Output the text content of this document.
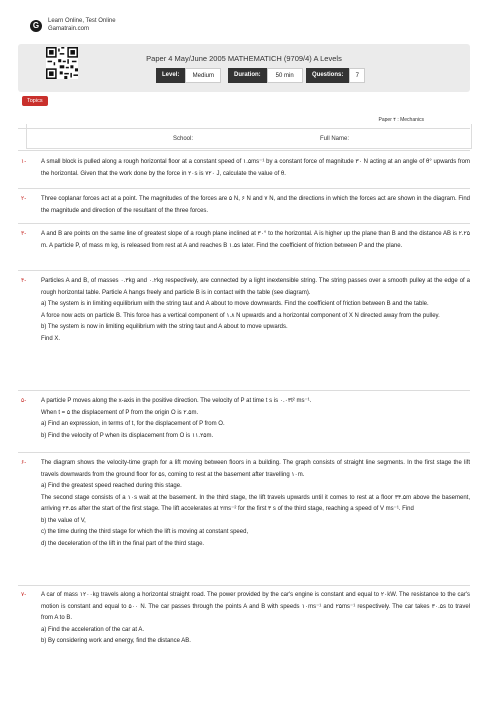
G	Learn Online, Test Online
Gamatrain.com
Paper 4 May/June 2005 MATHEMATICH (9709/4) A Levels
Level:	Medium	Duration:	50 min	Questions:	7
Topics
Paper ۴ : Mechanics
School:	Full Name:
۱- A small block is pulled along a rough horizontal floor at a constant speed of ۱.۵ms⁻¹ by a constant force of magnitude ۳۰ N acting at an angle of θ° upwards from the horizontal. Given that the work done by the force in ۲۰s is ۷۲۰ J, calculate the value of θ.

۲- Three coplanar forces act at a point. The magnitudes of the forces are ۵ N, ۶ N and ۷ N, and the directions in which the forces act are shown in the diagram. Find the magnitude and direction of the resultant of the three forces.

۳- A and B are points on the same line of greatest slope of a rough plane inclined at ۳۰° to the horizontal. A is higher up the plane than B and the distance AB is ۲.۲۵ m. A particle P, of mass m kg, is released from rest at A and reaches B ۱.۵s later. Find the coefficient of friction between P and the plane.

۴- Particles A and B, of masses ۰.۳kg and ۰.۲kg respectively, are connected by a light inextensible string. The string passes over a smooth pulley at the edge of a rough horizontal table. Particle A hangs freely and particle B is in contact with the table (see diagram).

a) The system is in limiting equilibrium with the string taut and A about to move downwards. Find the coefficient of friction between B and the table.

A force now acts on particle B. This force has a vertical component of ۱.۸ N upwards and a horizontal component of X N directed away from the pulley.

b) The system is now in limiting equilibrium with the string taut and A about to move upwards.

Find X.

۵- A particle P moves along the x-axis in the positive direction. The velocity of P at time t s is ۰.۰۳t² ms⁻¹.

When t = ۵ the displacement of P from the origin O is ۲.۵m.

a) Find an expression, in terms of t, for the displacement of P from O.

b) Find the velocity of P when its displacement from O is ۱۱.۲۵m.

۶- The diagram shows the velocity-time graph for a lift moving between floors in a building. The graph consists of straight line segments. In the first stage the lift travels downwards from the ground floor for ۵s, coming to rest at the basement after travelling ۱۰m.

a) Find the greatest speed reached during this stage.

The second stage consists of a ۱۰s wait at the basement. In the third stage, the lift travels upwards until it comes to rest at a floor ۳۴.۵m above the basement, arriving ۲۴.۵s after the start of the first stage. The lift accelerates at ۲ms⁻² for the first ۳ s of the third stage, reaching a speed of V ms⁻¹. Find

b) the value of V,

c) the time during the third stage for which the lift is moving at constant speed,

d) the deceleration of the lift in the final part of the third stage.

۷- A car of mass ۱۲۰۰kg travels along a horizontal straight road. The power provided by the car's engine is constant and equal to ۲۰kW. The resistance to the car's motion is constant and equal to ۵۰۰ N. The car passes through the points A and B with speeds ۱۰ms⁻¹ and ۲۵ms⁻¹ respectively. The car takes ۳۰.۵s to travel from A to B.

a) Find the acceleration of the car at A.

b) By considering work and energy, find the distance AB.
